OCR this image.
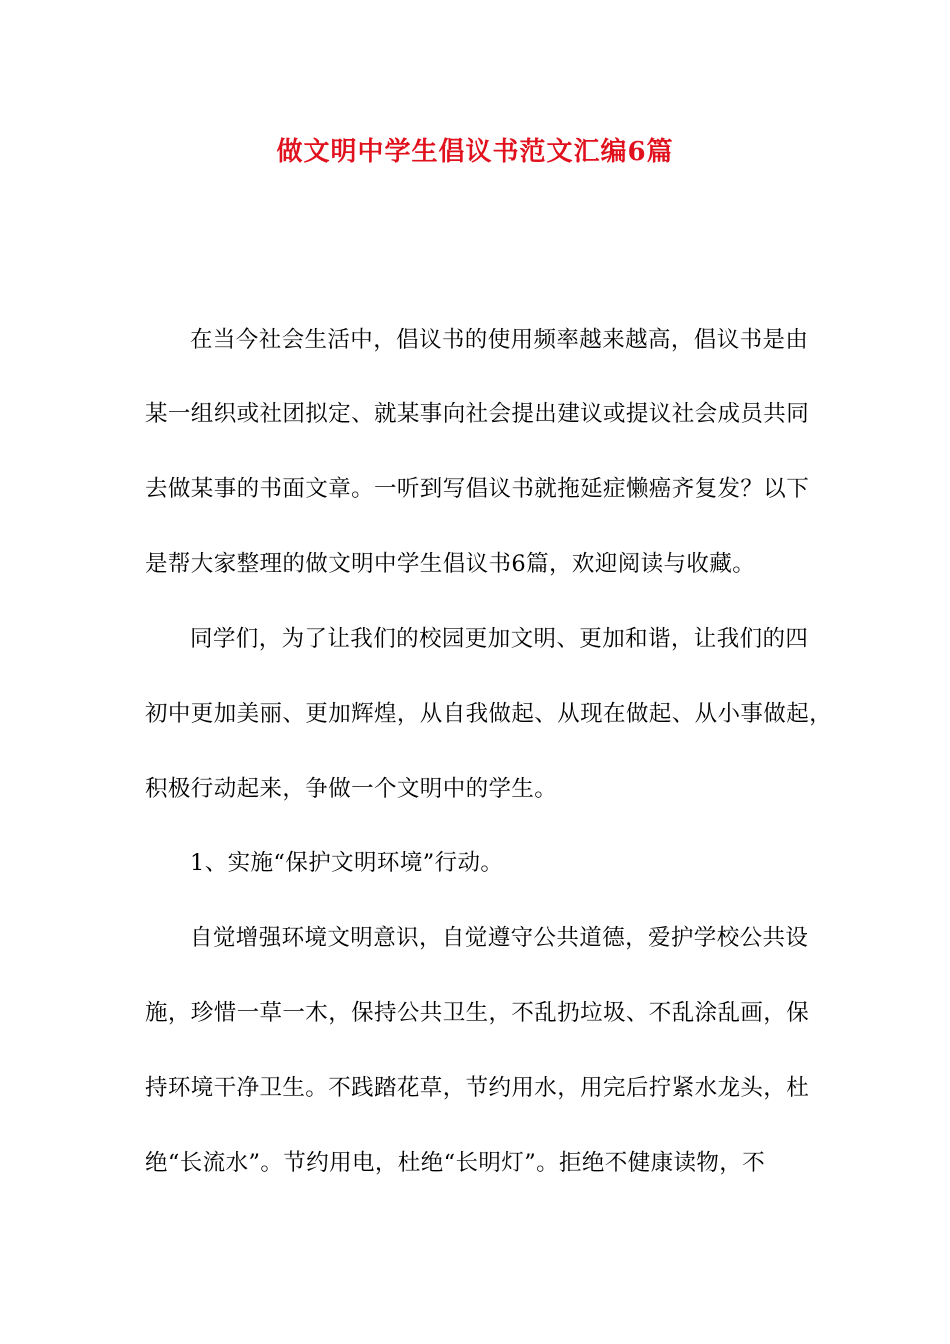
做文明中学生倡议书范文汇编6篇
在当今社会生活中，倡议书的使用频率越来越高，倡议书是由
某一组织或社团拟定、就某事向社会提出建议或提议社会成员共同
去做某事的书面文章。一听到写倡议书就拖延症懒癌齐复发？以下
是帮大家整理的做文明中学生倡议书6篇，欢迎阅读与收藏。
同学们，为了让我们的校园更加文明、更加和谐，让我们的四
初中更加美丽、更加辉煌，从自我做起、从现在做起、从小事做起，
积极行动起来，争做一个文明中的学生。
1、实施“保护文明环境”行动。
自觉增强环境文明意识，自觉遵守公共道德，爱护学校公共设
施，珍惜一草一木，保持公共卫生，不乱扔垃圾、不乱涂乱画，保
持环境干净卫生。不践踏花草，节约用水，用完后拧紧水龙头，杜
绝“长流水”。节约用电，杜绝“长明灯”。拒绝不健康读物，不
